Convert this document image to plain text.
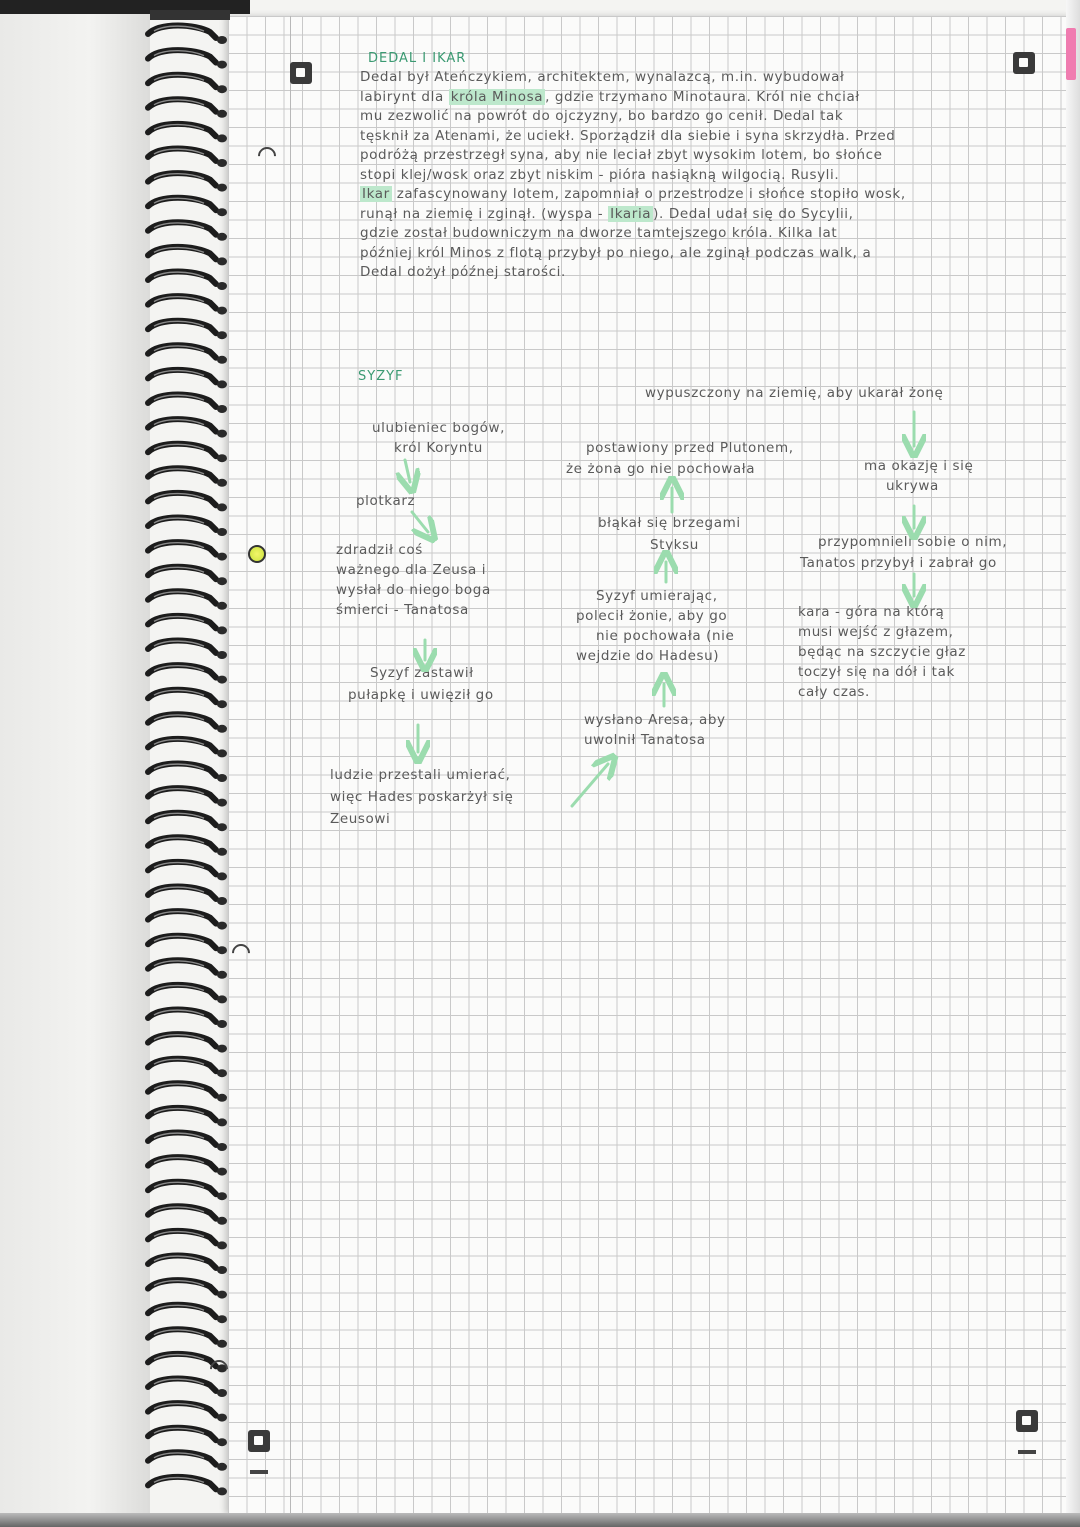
DEDAL I IKAR
Dedal był Ateńczykiem, architektem, wynalazcą, m.in. wybudował
labirynt dla króla Minosa , gdzie trzymano Minotaura. Król nie chciał
mu zezwolić na powrót do ojczyzny, bo bardzo go cenił. Dedal tak
tęsknił za Atenami, że uciekł. Sporządził dla siebie i syna skrzydła. Przed
podróżą przestrzegł syna, aby nie leciał zbyt wysokim lotem, bo słońce
stopi klej/wosk oraz zbyt niskim - pióra nasiąkną wilgocią. Rusyli.
Ikar zafascynowany lotem, zapomniał o przestrodze i słońce stopiło wosk,
runął na ziemię i zginął. (wyspa - Ikaria ). Dedal udał się do Sycylii,
gdzie został budowniczym na dworze tamtejszego króla. Kilka lat
później król Minos z flotą przybył po niego, ale zginął podczas walk, a
Dedal dożył późnej starości.
SYZYF
wypuszczony na ziemię, aby ukarał żonę
ulubieniec bogów,
król Koryntu
plotkarz
zdradził coś
ważnego dla Zeusa i
wysłał do niego boga
śmierci - Tanatosa
Syzyf zastawił
pułapkę i uwięził go
ludzie przestali umierać,
więc Hades poskarżył się
Zeusowi
postawiony przed Plutonem,
że żona go nie pochowała
błąkał się brzegami
Styksu
Syzyf umierając,
polecił żonie, aby go
nie pochowała (nie
wejdzie do Hadesu)
wysłano Aresa, aby
uwolnił Tanatosa
ma okazję i się
ukrywa
przypomnieli sobie o nim,
Tanatos przybył i zabrał go
kara - góra na którą
musi wejść z głazem,
będąc na szczycie głaz
toczył się na dół i tak
cały czas.
